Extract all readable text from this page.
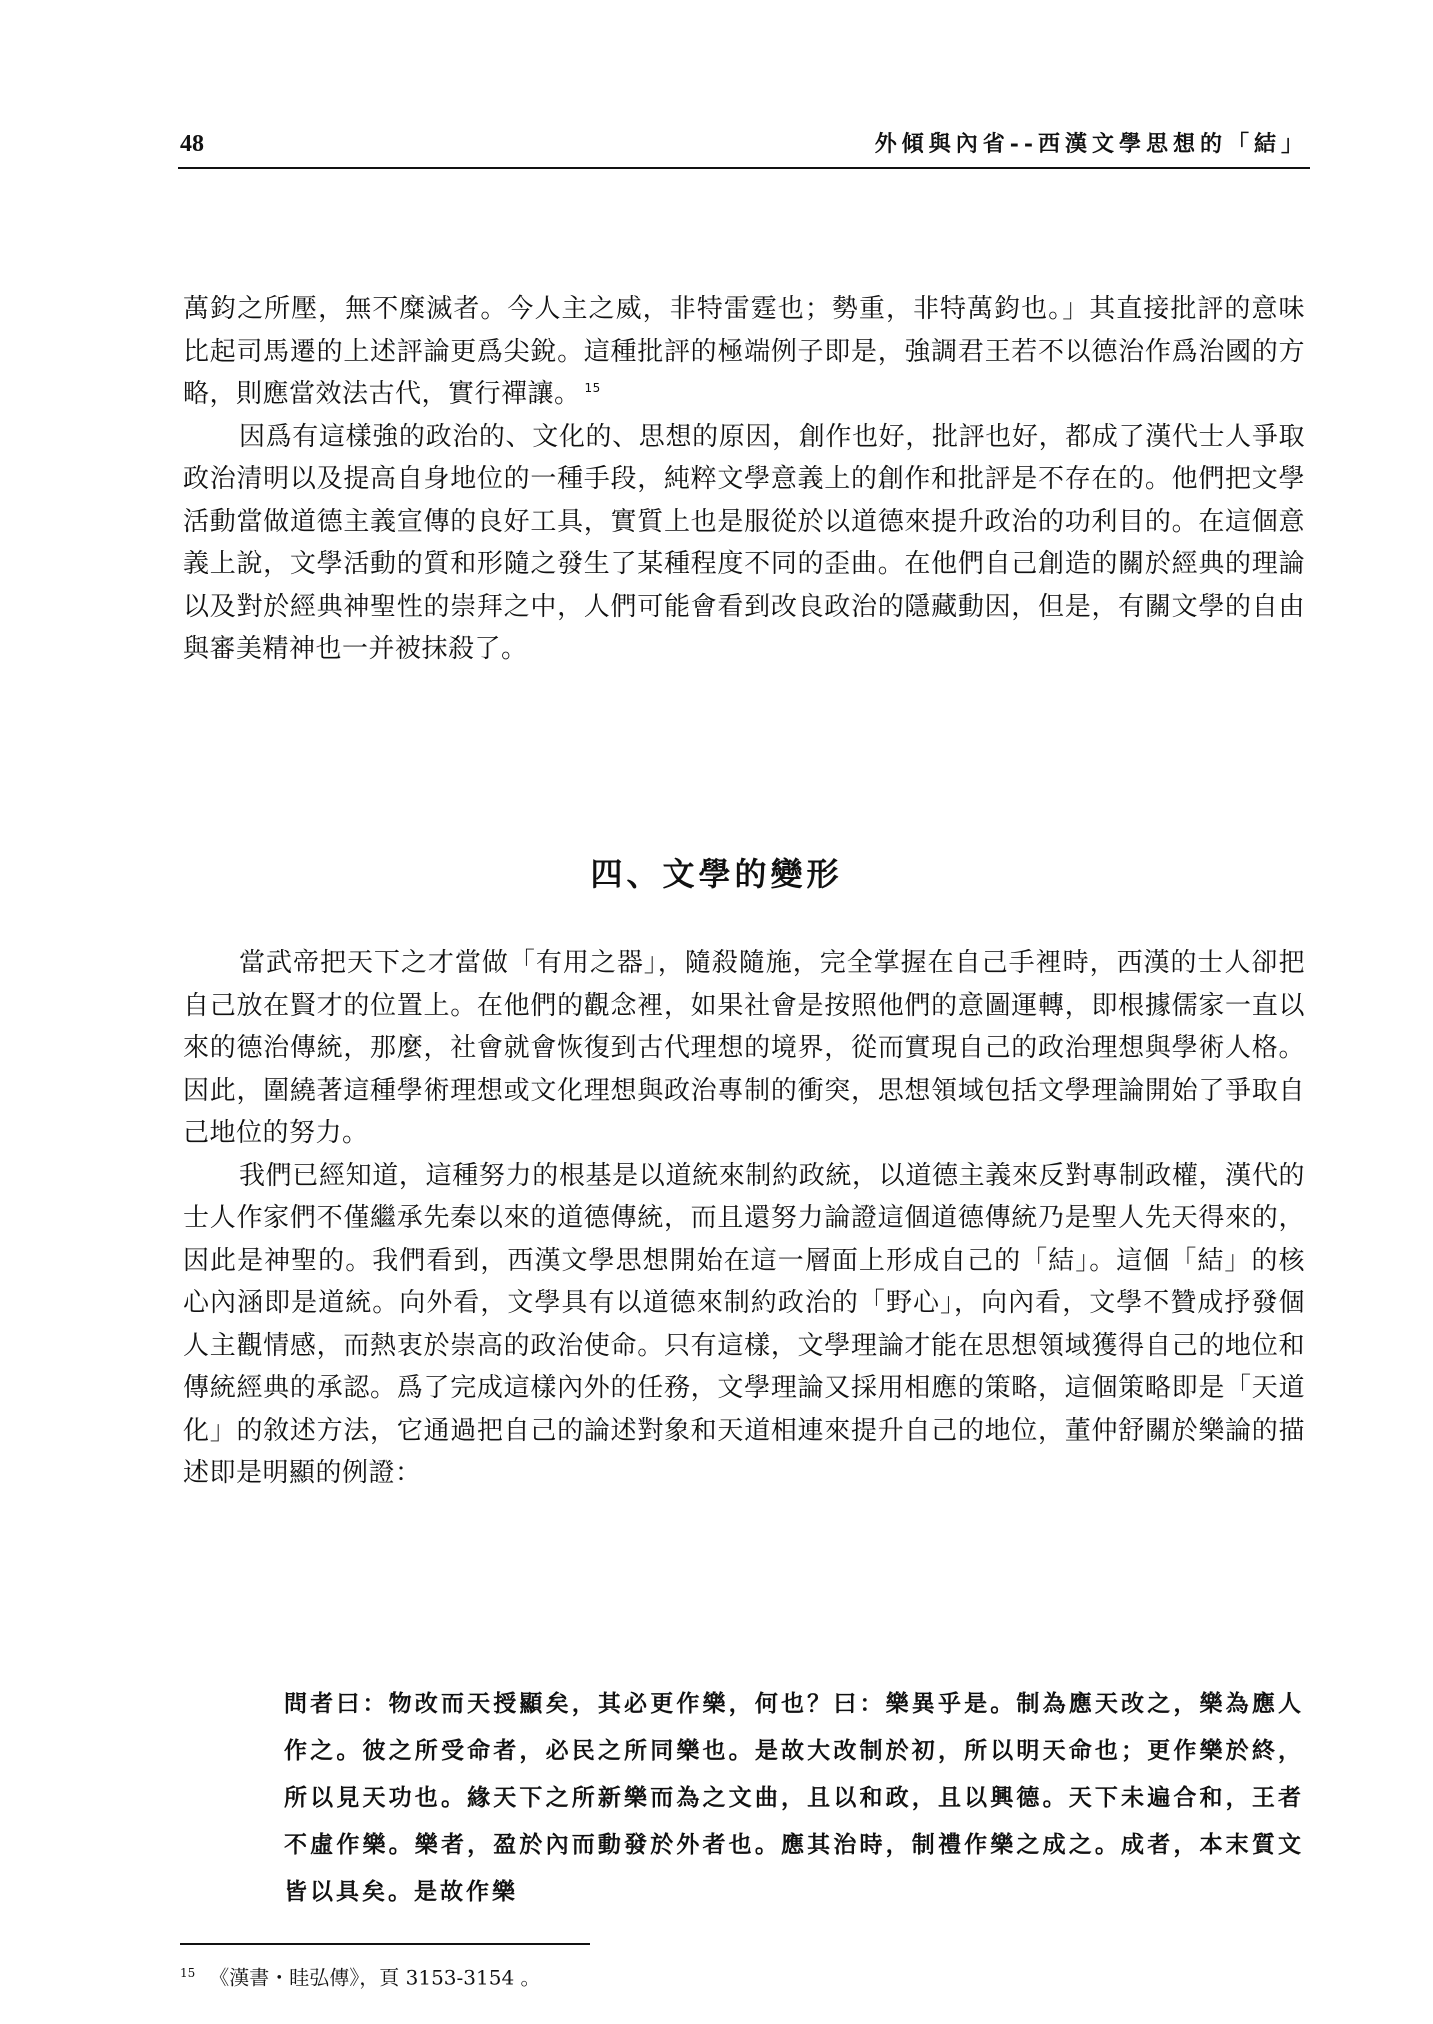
48	外傾與內省--西漢文學思想的「結」

萬鈞之所壓，無不糜滅者。今人主之威，非特雷霆也；勢重，非特萬鈞也。」其直接批評的意味比起司馬遷的上述評論更爲尖銳。這種批評的極端例子即是，強調君王若不以德治作爲治國的方略，則應當效法古代，實行禪讓。 $^{15}$

因爲有這樣強的政治的、文化的、思想的原因，創作也好，批評也好，都成了漢代士人爭取政治清明以及提高自身地位的一種手段，純粹文學意義上的創作和批評是不存在的。他們把文學活動當做道德主義宣傳的良好工具，實質上也是服從於以道德來提升政治的功利目的。在這個意義上說，文學活動的質和形隨之發生了某種程度不同的歪曲。在他們自己創造的關於經典的理論以及對於經典神聖性的崇拜之中，人們可能會看到改良政治的隱藏動因，但是，有關文學的自由與審美精神也一并被抹殺了。

四、文學的變形

當武帝把天下之才當做「有用之器」，隨殺隨施，完全掌握在自己手裡時，西漢的士人卻把自己放在賢才的位置上。在他們的觀念裡，如果社會是按照他們的意圖運轉，即根據儒家一直以來的德治傳統，那麼，社會就會恢復到古代理想的境界，從而實現自己的政治理想與學術人格。因此，圍繞著這種學術理想或文化理想與政治專制的衝突，思想領域包括文學理論開始了爭取自己地位的努力。

我們已經知道，這種努力的根基是以道統來制約政統，以道德主義來反對專制政權，漢代的士人作家們不僅繼承先秦以來的道德傳統，而且還努力論證這個道德傳統乃是聖人先天得來的，因此是神聖的。我們看到，西漢文學思想開始在這一層面上形成自己的「結」。這個「結」的核心內涵即是道統。向外看，文學具有以道德來制約政治的「野心」，向內看，文學不贊成抒發個人主觀情感，而熱衷於崇高的政治使命。只有這樣，文學理論才能在思想領域獲得自己的地位和傳統經典的承認。爲了完成這樣內外的任務，文學理論又採用相應的策略，這個策略即是「天道化」的敘述方法，它通過把自己的論述對象和天道相連來提升自己的地位，董仲舒關於樂論的描述即是明顯的例證：

問者曰：物改而天授顯矣，其必更作樂，何也？曰：樂異乎是。制為應天改之，樂為應人作之。彼之所受命者，必民之所同樂也。是故大改制於初，所以明天命也；更作樂於終，所以見天功也。緣天下之所新樂而為之文曲，且以和政，且以興德。天下未遍合和，王者不虛作樂。樂者，盈於內而動發於外者也。應其治時，制禮作樂之成之。成者，本末質文皆以具矣。是故作樂

$^{15}$ 《漢書・眭弘傳》，頁 3153-3154 。
